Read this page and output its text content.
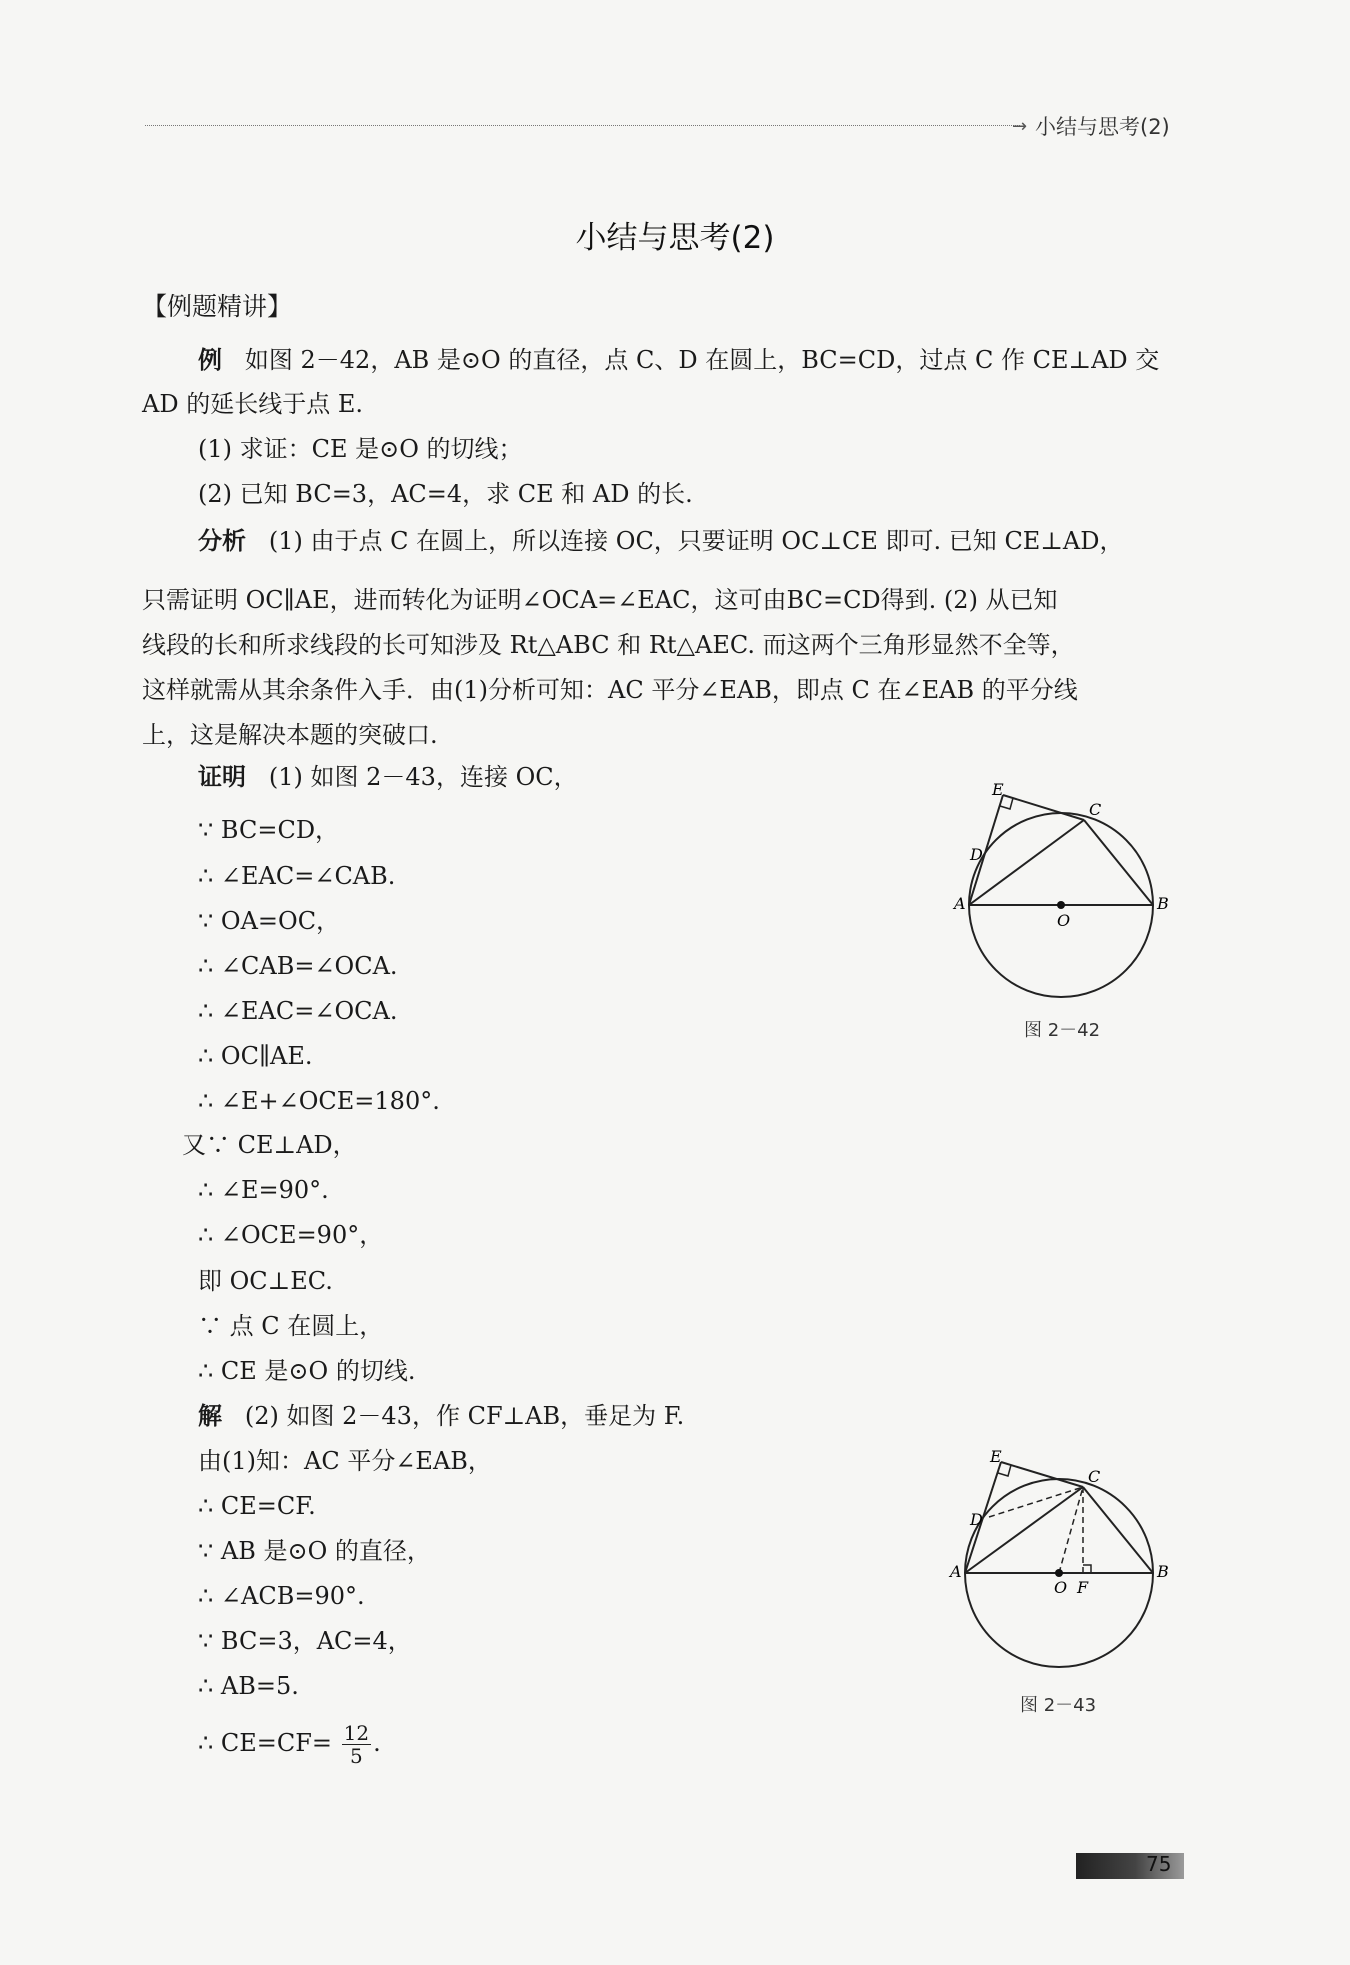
→ 小结与思考(2)
小结与思考(2)
【例题精讲】
例 如图 2－42，AB 是⊙O 的直径，点 C、D 在圆上，BC=CD，过点 C 作 CE⊥AD 交
AD 的延长线于点 E.
(1) 求证：CE 是⊙O 的切线；
(2) 已知 BC=3，AC=4，求 CE 和 AD 的长.
分析 (1) 由于点 C 在圆上，所以连接 OC，只要证明 OC⊥CE 即可. 已知 CE⊥AD，
只需证明 OC∥AE，进而转化为证明∠OCA=∠EAC，这可由BC=CD得到. (2) 从已知
线段的长和所求线段的长可知涉及 Rt△ABC 和 Rt△AEC. 而这两个三角形显然不全等，
这样就需从其余条件入手．由(1)分析可知：AC 平分∠EAB，即点 C 在∠EAB 的平分线
上，这是解决本题的突破口.
证明 (1) 如图 2－43，连接 OC，
∵ BC=CD，
∴ ∠EAC=∠CAB.
∵ OA=OC，
∴ ∠CAB=∠OCA.
∴ ∠EAC=∠OCA.
∴ OC∥AE.
∴ ∠E+∠OCE=180°.
又∵ CE⊥AD，
∴ ∠E=90°.
∴ ∠OCE=90°，
即 OC⊥EC.
∵ 点 C 在圆上，
∴ CE 是⊙O 的切线.
解 (2) 如图 2－43，作 CF⊥AB，垂足为 F.
由(1)知：AC 平分∠EAB，
∴ CE=CF.
∵ AB 是⊙O 的直径，
∴ ∠ACB=90°.
∵ BC=3，AC=4，
∴ AB=5.
∴ $CE=CF= \frac{12}{5}$ .
E
C
D
A	B
O
图 2－42
E
C
D
A	B
O F
图 2－43
75
